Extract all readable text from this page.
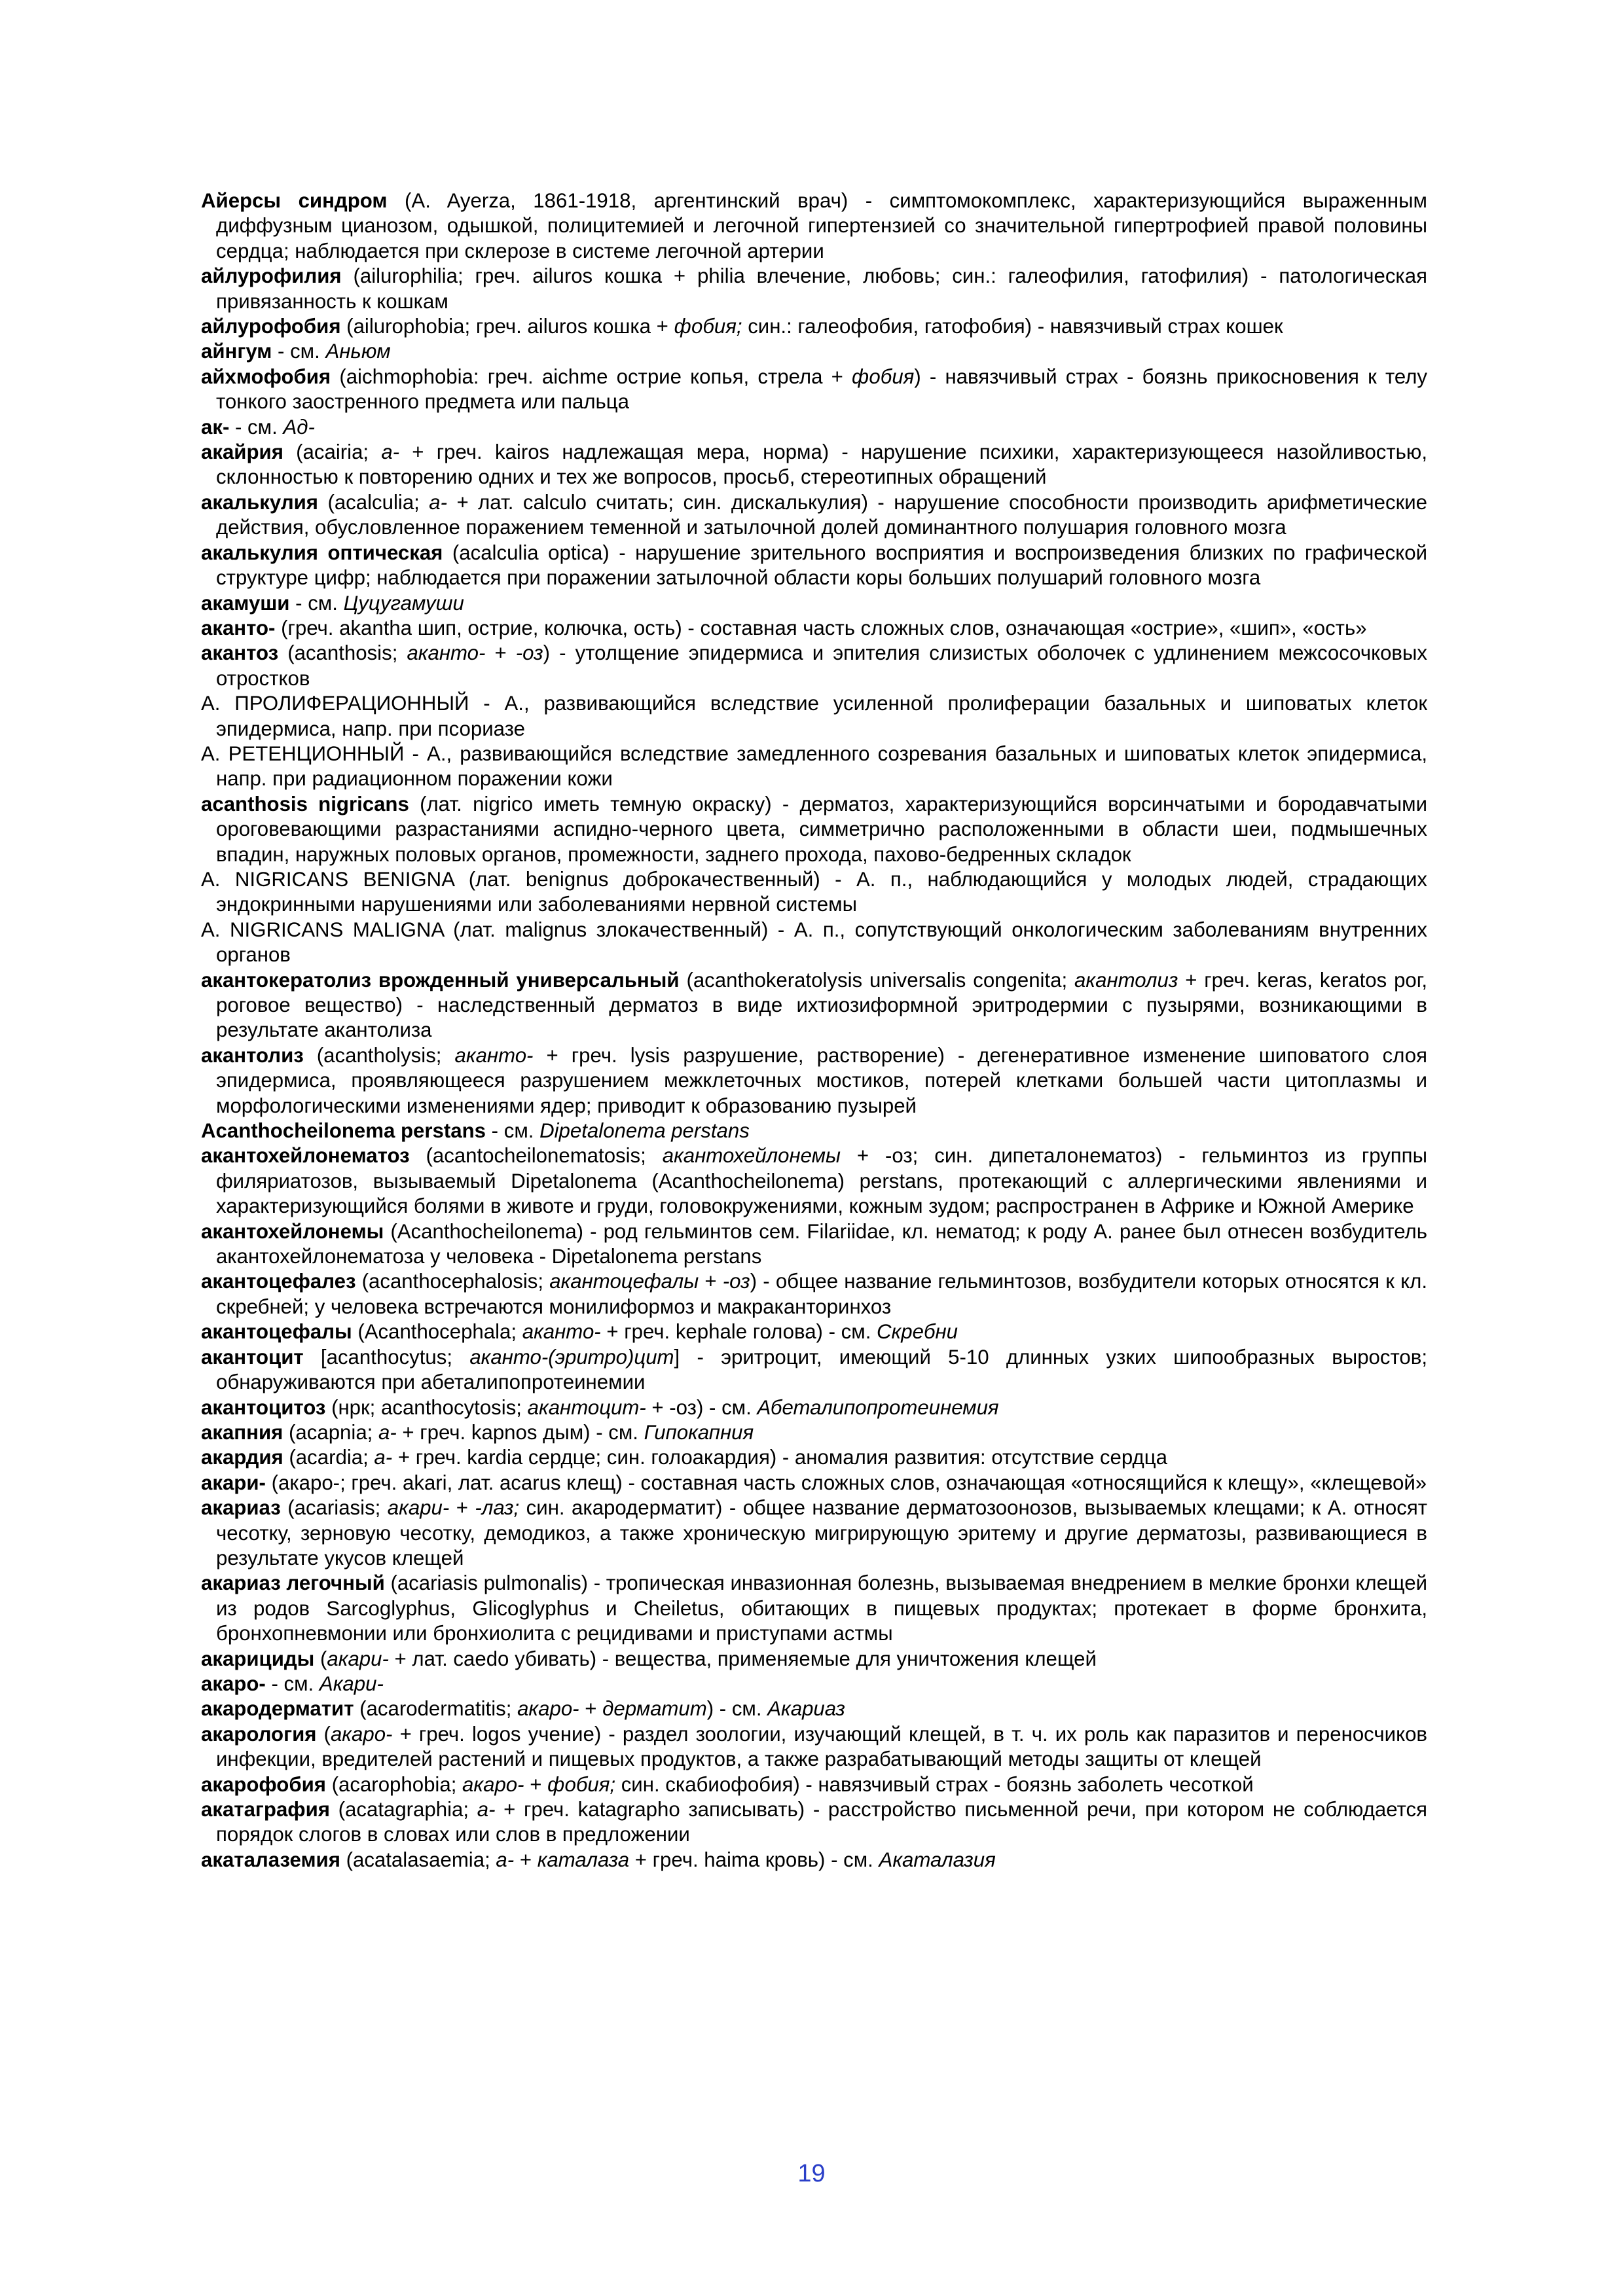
Айерсы синдром (A. Ayerza, 1861-1918, аргентинский врач) - симптомокомплекс, характеризующийся выраженным диффузным цианозом, одышкой, полицитемией и легочной гипертензией со значительной гипертрофией правой половины сердца; наблюдается при склерозе в системе легочной артерии

айлурофилия (ailurophilia; греч. ailuros кошка + philia влечение, любовь; син.: галеофилия, гатофилия) - патологическая привязанность к кошкам

айлурофобия (ailurophobia; греч. ailuros кошка + фобия; син.: галеофобия, гатофобия) - навязчивый страх кошек

айнгум - см. Аньюм

айхмофобия (aichmophobia: греч. aichme острие копья, стрела + фобия) - навязчивый страх - боязнь прикосновения к телу тонкого заостренного предмета или пальца

ак- - см. Ад-

акайрия (acairia; а- + греч. kairos надлежащая мера, норма) - нарушение психики, характеризующееся назойливостью, склонностью к повторению одних и тех же вопросов, просьб, стереотипных обращений

акалькулия (acalculia; а- + лат. calculo считать; син. дискалькулия) - нарушение способности производить арифметические действия, обусловленное поражением теменной и затылочной долей доминантного полушария головного мозга

акалькулия оптическая (acalculia optica) - нарушение зрительного восприятия и воспроизведения близких по графической структуре цифр; наблюдается при поражении затылочной области коры больших полушарий головного мозга

акамуши - см. Цуцугамуши

аканто- (греч. akantha шип, острие, колючка, ость) - составная часть сложных слов, означающая «острие», «шип», «ость»

акантоз (acanthosis; аканто- + -оз) - утолщение эпидермиса и эпителия слизистых оболочек с удлинением межсосочковых отростков

А. ПРОЛИФЕРАЦИОННЫЙ - А., развивающийся вследствие усиленной пролиферации базальных и шиповатых клеток эпидермиса, напр. при псориазе

А. РЕТЕНЦИОННЫЙ - А., развивающийся вследствие замедленного созревания базальных и шиповатых клеток эпидермиса, напр. при радиационном поражении кожи

acanthosis nigricans (лат. nigrico иметь темную окраску) - дерматоз, характеризующийся ворсинчатыми и бородавчатыми ороговевающими разрастаниями аспидно-черного цвета, симметрично расположенными в области шеи, подмышечных впадин, наружных половых органов, промежности, заднего прохода, пахово-бедренных складок

A. NIGRICANS BENIGNA (лат. benignus доброкачественный) - А. п., наблюдающийся у молодых людей, страдающих эндокринными нарушениями или заболеваниями нервной системы

A. NIGRICANS MALIGNA (лат. malignus злокачественный) - А. п., сопутствующий онкологическим заболеваниям внутренних органов

акантокератолиз врожденный универсальный (acanthokeratolysis universalis congenita; акантолиз + греч. keras, keratos рог, роговое вещество) - наследственный дерматоз в виде ихтиозиформной эритродермии с пузырями, возникающими в результате акантолиза

акантолиз (acantholysis; аканто- + греч. lysis разрушение, растворение) - дегенеративное изменение шиповатого слоя эпидермиса, проявляющееся разрушением межклеточных мостиков, потерей клетками большей части цитоплазмы и морфологическими изменениями ядер; приводит к образованию пузырей

Acanthocheilonema perstans - см. Dipetalonema perstans

акантохейлонематоз (acantocheilonematosis; акантохейлонемы + -оз; син. дипеталонематоз) - гельминтоз из группы филяриатозов, вызываемый Dipetalonema (Acanthocheilonema) perstans, протекающий с аллергическими явлениями и характеризующийся болями в животе и груди, головокружениями, кожным зудом; распространен в Африке и Южной Америке

акантохейлонемы (Acanthocheilonema) - род гельминтов сем. Filariidae, кл. нематод; к роду А. ранее был отнесен возбудитель акантохейлонематоза у человека - Dipetalonema perstans

акантоцефалез (acanthocephalosis; акантоцефалы + -оз) - общее название гельминтозов, возбудители которых относятся к кл. скребней; у человека встречаются монилиформоз и макраканторинхоз

акантоцефалы (Acanthocephala; аканто- + греч. kephale голова) - см. Скребни

акантоцит [acanthocytus; аканто-(эритро)цит] - эритроцит, имеющий 5-10 длинных узких шипообразных выростов; обнаруживаются при абеталипопротеинемии

акантоцитоз (нрк; acanthocytosis; акантоцит- + -оз) - см. Абеталипопротеинемия

акапния (acapnia; а- + греч. kapnos дым) - см. Гипокапния

акардия (acardia; а- + греч. kardia сердце; син. голоакардия) - аномалия развития: отсутствие сердца

акари- (акаро-; греч. akari, лат. acarus клещ) - составная часть сложных слов, означающая «относящийся к клещу», «клещевой»

акариаз (acariasis; акари- + -лаз; син. акародерматит) - общее название дерматозоонозов, вызываемых клещами; к А. относят чесотку, зерновую чесотку, демодикоз, а также хроническую мигрирующую эритему и другие дерматозы, развивающиеся в результате укусов клещей

акариаз легочный (acariasis pulmonalis) - тропическая инвазионная болезнь, вызываемая внедрением в мелкие бронхи клещей из родов Sarcoglyphus, Glicoglyphus и Cheiletus, обитающих в пищевых продуктах; протекает в форме бронхита, бронхопневмонии или бронхиолита с рецидивами и приступами астмы

акарициды (акари- + лат. caedo убивать) - вещества, применяемые для уничтожения клещей

акаро- - см. Акари-

акародерматит (acarodermatitis; акаро- + дерматит) - см. Акариаз

акарология (акаро- + греч. logos учение) - раздел зоологии, изучающий клещей, в т. ч. их роль как паразитов и переносчиков инфекции, вредителей растений и пищевых продуктов, а также разрабатывающий методы защиты от клещей

акарофобия (acarophobia; акаро- + фобия; син. скабиофобия) - навязчивый страх - боязнь заболеть чесоткой

акатаграфия (acatagraphia; а- + греч. katagrapho записывать) - расстройство письменной речи, при котором не соблюдается порядок слогов в словах или слов в предложении

акаталаземия (acatalasaemia; а- + каталаза + греч. haima кровь) - см. Акаталазия

19
